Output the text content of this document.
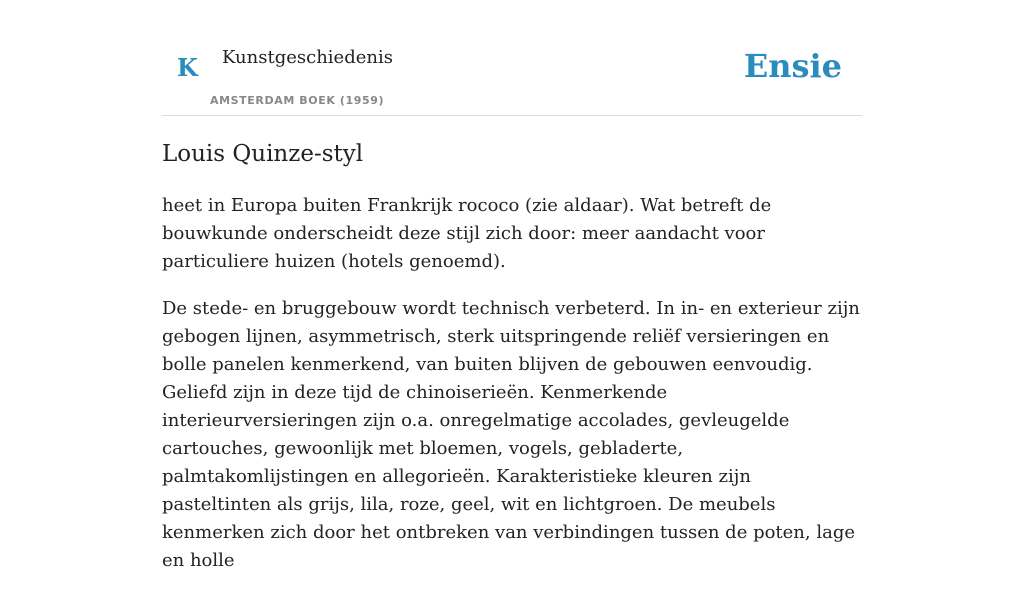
K Kunstgeschiedenis
AMSTERDAM BOEK (1959)
Ensie
Louis Quinze-styl

heet in Europa buiten Frankrijk rococo (zie aldaar). Wat betreft de bouwkunde onderscheidt deze stijl zich door: meer aandacht voor particuliere huizen (hotels genoemd).

De stede- en bruggebouw wordt technisch verbeterd. In in- en exterieur zijn gebogen lijnen, asymmetrisch, sterk uitspringende reliëf versieringen en bolle panelen kenmerkend, van buiten blijven de gebouwen eenvoudig. Geliefd zijn in deze tijd de chinoiserieën. Kenmerkende interieurversieringen zijn o.a. onregelmatige accolades, gevleugelde cartouches, gewoonlijk met bloemen, vogels, gebladerte, palmtakomlijstingen en allegorieën. Karakteristieke kleuren zijn pasteltinten als grijs, lila, roze, geel, wit en lichtgroen. De meubels kenmerken zich door het ontbreken van verbindingen tussen de poten, lage en holle
